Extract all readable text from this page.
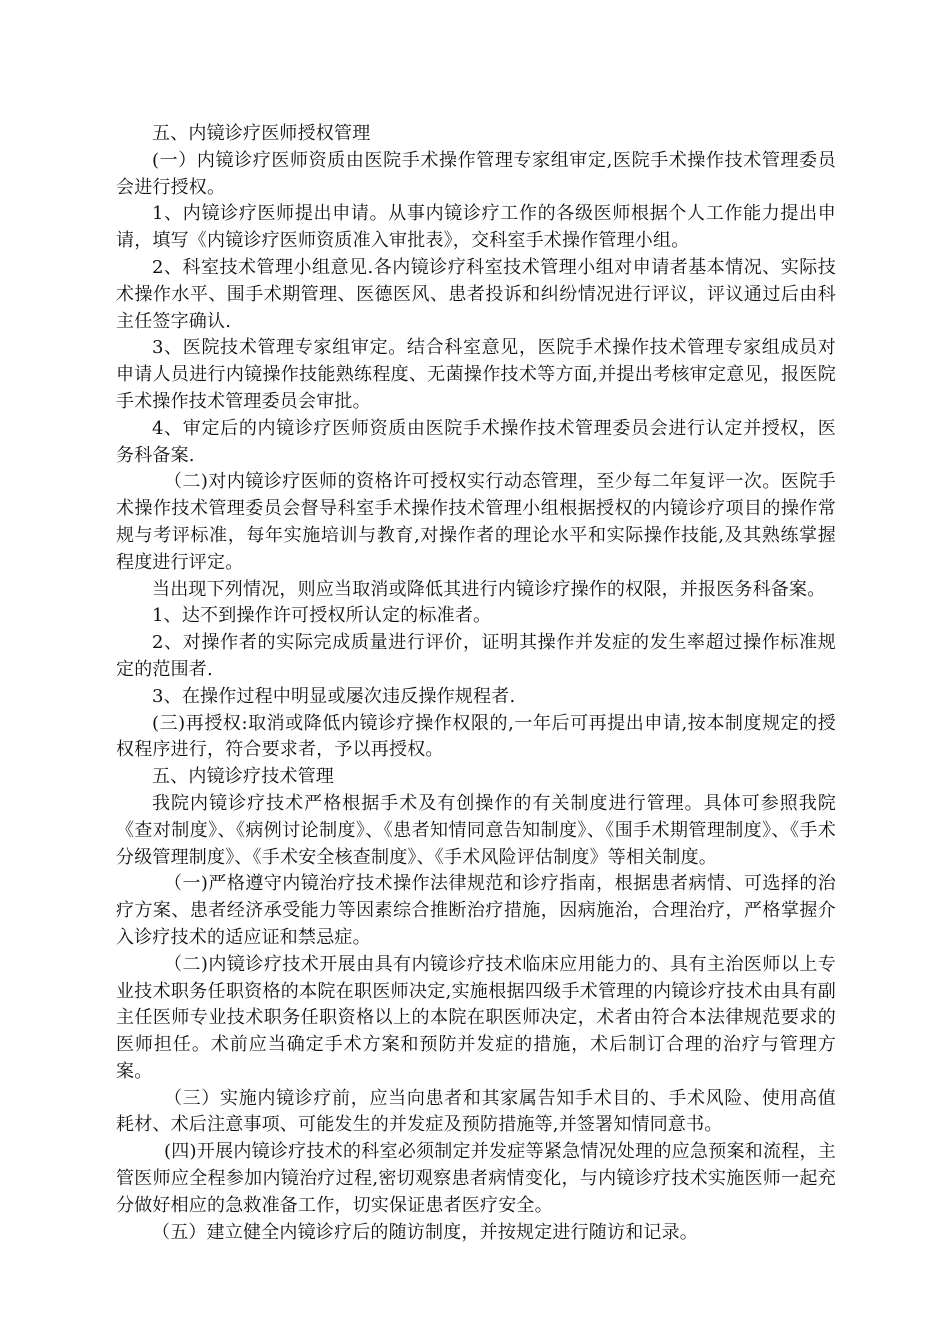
五、内镜诊疗医师授权管理

(一）内镜诊疗医师资质由医院手术操作管理专家组审定,医院手术操作技术管理委员会进行授权。

1、内镜诊疗医师提出申请。从事内镜诊疗工作的各级医师根据个人工作能力提出申请，填写《内镜诊疗医师资质准入审批表》，交科室手术操作管理小组。

2、科室技术管理小组意见.各内镜诊疗科室技术管理小组对申请者基本情况、实际技术操作水平、围手术期管理、医德医风、患者投诉和纠纷情况进行评议，评议通过后由科主任签字确认.

3、医院技术管理专家组审定。结合科室意见，医院手术操作技术管理专家组成员对申请人员进行内镜操作技能熟练程度、无菌操作技术等方面,并提出考核审定意见，报医院手术操作技术管理委员会审批。

4、审定后的内镜诊疗医师资质由医院手术操作技术管理委员会进行认定并授权，医务科备案.

（二)对内镜诊疗医师的资格许可授权实行动态管理，至少每二年复评一次。医院手术操作技术管理委员会督导科室手术操作技术管理小组根据授权的内镜诊疗项目的操作常规与考评标准，每年实施培训与教育,对操作者的理论水平和实际操作技能,及其熟练掌握程度进行评定。

当出现下列情况，则应当取消或降低其进行内镜诊疗操作的权限，并报医务科备案。

1、达不到操作许可授权所认定的标准者。

2、对操作者的实际完成质量进行评价，证明其操作并发症的发生率超过操作标准规定的范围者.

3、在操作过程中明显或屡次违反操作规程者.

(三)再授权:取消或降低内镜诊疗操作权限的,一年后可再提出申请,按本制度规定的授权程序进行，符合要求者，予以再授权。

五、内镜诊疗技术管理

我院内镜诊疗技术严格根据手术及有创操作的有关制度进行管理。具体可参照我院《查对制度》、《病例讨论制度》、《患者知情同意告知制度》、《围手术期管理制度》、《手术分级管理制度》、《手术安全核查制度》、《手术风险评估制度》等相关制度。

（一)严格遵守内镜治疗技术操作法律规范和诊疗指南，根据患者病情、可选择的治疗方案、患者经济承受能力等因素综合推断治疗措施，因病施治，合理治疗，严格掌握介入诊疗技术的适应证和禁忌症。

（二)内镜诊疗技术开展由具有内镜诊疗技术临床应用能力的、具有主治医师以上专业技术职务任职资格的本院在职医师决定,实施根据四级手术管理的内镜诊疗技术由具有副主任医师专业技术职务任职资格以上的本院在职医师决定，术者由符合本法律规范要求的医师担任。术前应当确定手术方案和预防并发症的措施，术后制订合理的治疗与管理方案。

（三）实施内镜诊疗前，应当向患者和其家属告知手术目的、手术风险、使用高值耗材、术后注意事项、可能发生的并发症及预防措施等,并签署知情同意书。

(四)开展内镜诊疗技术的科室必须制定并发症等紧急情况处理的应急预案和流程，主管医师应全程参加内镜治疗过程,密切观察患者病情变化，与内镜诊疗技术实施医师一起充分做好相应的急救准备工作，切实保证患者医疗安全。

（五）建立健全内镜诊疗后的随访制度，并按规定进行随访和记录。
